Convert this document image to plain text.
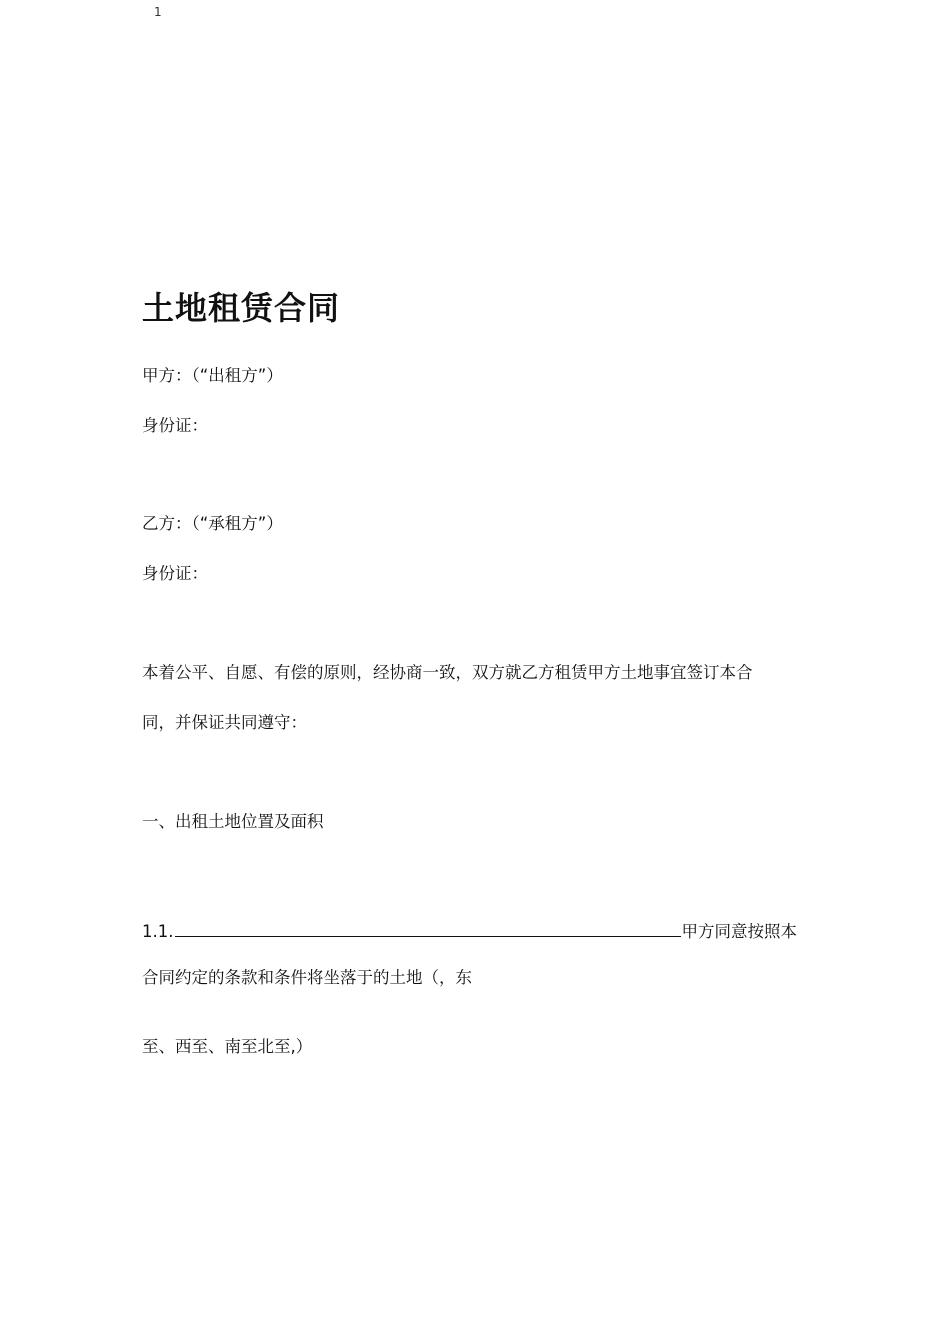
1
土地租赁合同
甲方：（“出租方”）
身份证：
乙方：（“承租方”）
身份证：
本着公平、自愿、有偿的原则，经协商一致，双方就乙方租赁甲方土地事宜签订本合
同，并保证共同遵守：
一、出租土地位置及面积
1.1.	甲方同意按照本
合同约定的条款和条件将坐落于的土地（，东
至、西至、南至北至,）
